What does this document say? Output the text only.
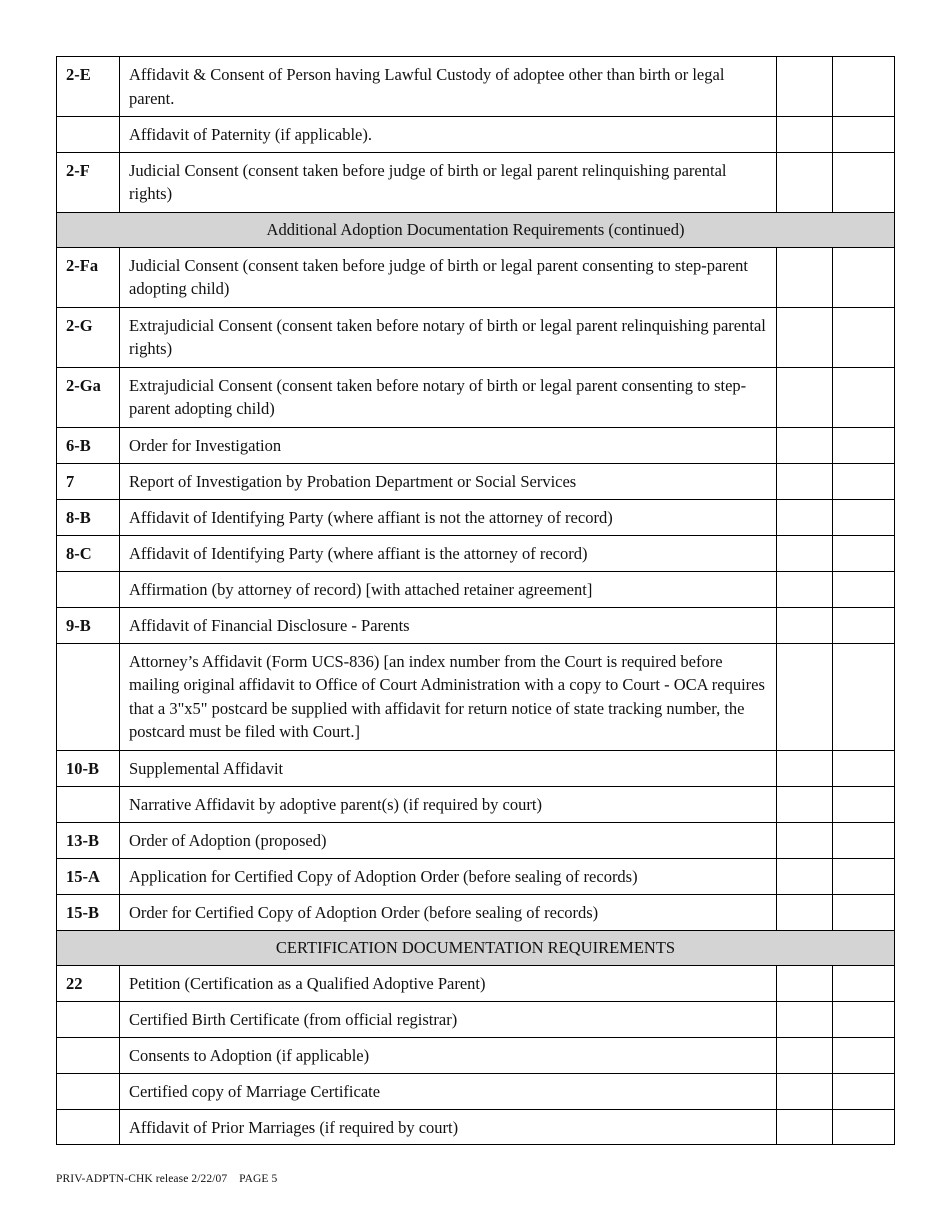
2-E	Affidavit & Consent of Person having Lawful Custody of adoptee other than birth or legal parent.		
	Affidavit of Paternity (if applicable).		
2-F	Judicial Consent (consent taken before judge of birth or legal parent relinquishing parental rights)		
Additional Adoption Documentation Requirements (continued)			
2-Fa	Judicial Consent (consent taken before judge of birth or legal parent consenting to step-parent adopting child)		
2-G	Extrajudicial Consent (consent taken before notary of birth or legal parent relinquishing parental rights)		
2-Ga	Extrajudicial Consent (consent taken before notary of birth or legal parent consenting to step-parent adopting child)		
6-B	Order for Investigation		
7	Report of Investigation by Probation Department or Social Services		
8-B	Affidavit of Identifying Party (where affiant is not the attorney of record)		
8-C	Affidavit of Identifying Party (where affiant is the attorney of record)		
	Affirmation (by attorney of record) [with attached retainer agreement]		
9-B	Affidavit of Financial Disclosure - Parents		
	Attorney’s Affidavit (Form UCS-836) [an index number from the Court is required before mailing original affidavit to Office of Court Administration with a copy to Court - OCA requires that a 3"x5" postcard be supplied with affidavit for return notice of state tracking number, the postcard must be filed with Court.]		
10-B	Supplemental Affidavit		
	Narrative Affidavit by adoptive parent(s) (if required by court)		
13-B	Order of Adoption (proposed)		
15-A	Application for Certified Copy of Adoption Order (before sealing of records)		
15-B	Order for Certified Copy of Adoption Order (before sealing of records)		
CERTIFICATION DOCUMENTATION REQUIREMENTS			
22	Petition (Certification as a Qualified Adoptive Parent)		
	Certified Birth Certificate (from official registrar)		
	Consents to Adoption (if applicable)		
	Certified copy of Marriage Certificate		
	Affidavit of Prior Marriages (if required by court)		
PRIV-ADPTN-CHK release 2/22/07 PAGE 5
